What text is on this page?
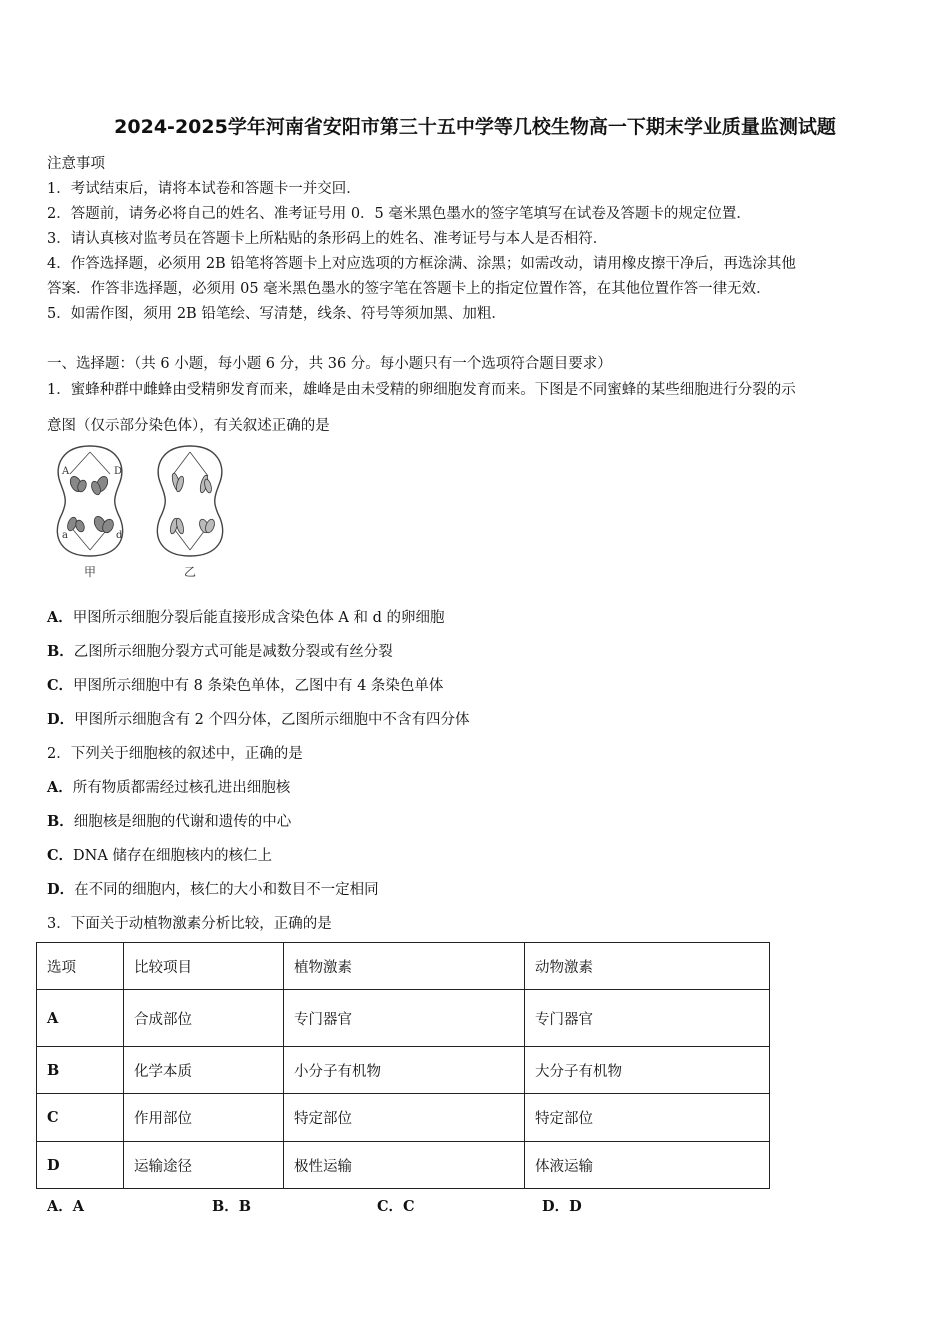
2024-2025学年河南省安阳市第三十五中学等几校生物高一下期末学业质量监测试题
注意事项
1．考试结束后，请将本试卷和答题卡一并交回．
2．答题前，请务必将自己的姓名、准考证号用 0．5 毫米黑色墨水的签字笔填写在试卷及答题卡的规定位置．
3．请认真核对监考员在答题卡上所粘贴的条形码上的姓名、准考证号与本人是否相符．
4．作答选择题，必须用 2B 铅笔将答题卡上对应选项的方框涂满、涂黑；如需改动，请用橡皮擦干净后，再选涂其他
答案．作答非选择题，必须用 05 毫米黑色墨水的签字笔在答题卡上的指定位置作答，在其他位置作答一律无效．
5．如需作图，须用 2B 铅笔绘、写清楚，线条、符号等须加黑、加粗．
一、选择题：（共 6 小题，每小题 6 分，共 36 分。每小题只有一个选项符合题目要求）
1．蜜蜂种群中雌蜂由受精卵发育而来，雄峰是由未受精的卵细胞发育而来。下图是不同蜜蜂的某些细胞进行分裂的示
意图（仅示部分染色体），有关叙述正确的是
A	D
a	d
甲	乙
A．甲图所示细胞分裂后能直接形成含染色体 A 和 d 的卵细胞
B．乙图所示细胞分裂方式可能是减数分裂或有丝分裂
C．甲图所示细胞中有 8 条染色单体，乙图中有 4 条染色单体
D．甲图所示细胞含有 2 个四分体，乙图所示细胞中不含有四分体
2．下列关于细胞核的叙述中，正确的是
A．所有物质都需经过核孔进出细胞核
B．细胞核是细胞的代谢和遗传的中心
C．DNA 储存在细胞核内的核仁上
D．在不同的细胞内，核仁的大小和数目不一定相同
3．下面关于动植物激素分析比较，正确的是
选项	比较项目	植物激素	动物激素
A	合成部位	专门器官	专门器官
B	化学本质	小分子有机物	大分子有机物
C	作用部位	特定部位	特定部位
D	运输途径	极性运输	体液运输
A．A	B．B	C．C	D．D
